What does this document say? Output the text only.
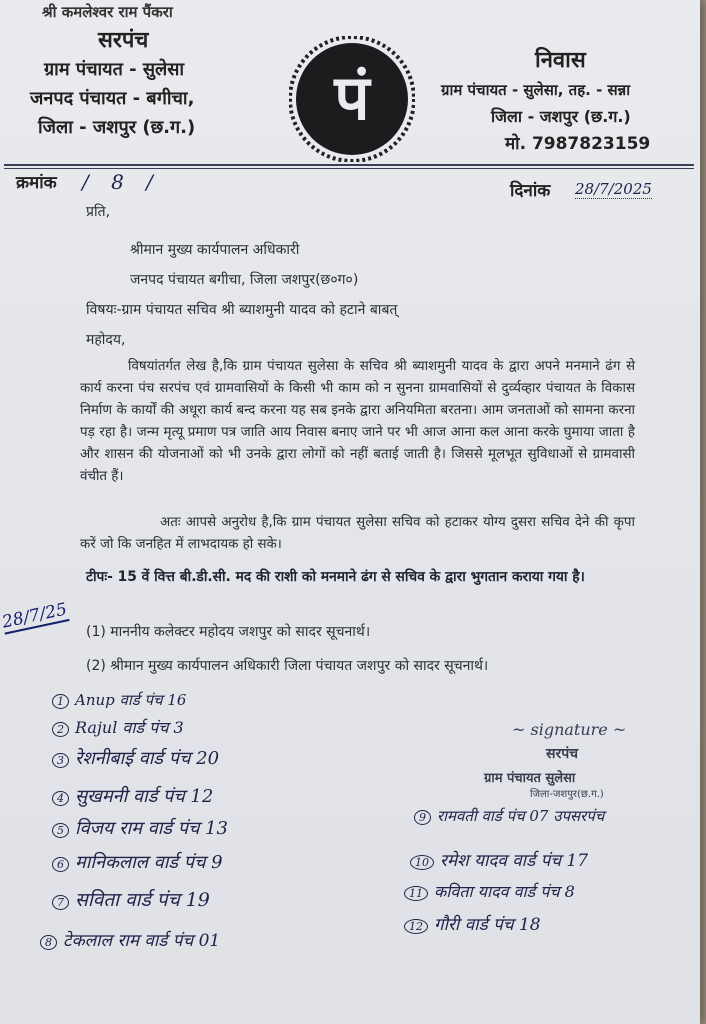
श्री कमलेश्वर राम पैंकरा
सरपंच
ग्राम पंचायत - सुलेसा
जनपद पंचायत - बगीचा,
जिला - जशपुर (छ.ग.)	पं
निवास
ग्राम पंचायत - सुलेसा, तह. - सन्ना
जिला - जशपुर (छ.ग.)
मो. 7987823159
क्रमांक / 8 /	दिनांक 28/7/2025
प्रति,
श्रीमान मुख्य कार्यपालन अधिकारी
जनपद पंचायत बगीचा, जिला जशपुर(छ०ग०)
विषयः-ग्राम पंचायत सचिव श्री ब्याशमुनी यादव को हटाने बाबत्
महोदय,
विषयांतर्गत लेख है,कि ग्राम पंचायत सुलेसा के सचिव श्री ब्याशमुनी यादव के द्वारा अपने मनमाने ढंग से कार्य करना पंच सरपंच एवं ग्रामवासियों के किसी भी काम को न सुनना ग्रामवासियों से दुर्व्यव्हार पंचायत के विकास निर्माण के कार्यों की अधूरा कार्य बन्द करना यह सब इनके द्वारा अनियमिता बरतना। आम जनताओं को सामना करना पड़ रहा है। जन्म मृत्यू प्रमाण पत्र जाति आय निवास बनाए जाने पर भी आज आना कल आना करके घुमाया जाता है और शासन की योजनाओं को भी उनके द्वारा लोगों को नहीं बताई जाती है। जिससे मूलभूत सुविधाओं से ग्रामवासी वंचीत हैं।
अतः आपसे अनुरोध है,कि ग्राम पंचायत सुलेसा सचिव को हटाकर योग्य दुसरा सचिव देने की कृपा करें जो कि जनहित में लाभदायक हो सके।
टीपः- 15 वें वित्त बी.डी.सी. मद की राशी को मनमाने ढंग से सचिव के द्वारा भुगतान कराया गया है।
28/7/25 (1) माननीय कलेक्टर महोदय जशपुर को सादर सूचनार्थ।
(2) श्रीमान मुख्य कार्यपालन अधिकारी जिला पंचायत जशपुर को सादर सूचनार्थ।
~ signature ~
सरपंच
ग्राम पंचायत सुलेसा
जिला-जशपुर(छ.ग.)
1 Anup वार्ड पंच 16
2 Rajul वार्ड पंच 3
3 रेशनीबाई वार्ड पंच 20
4 सुखमनी वार्ड पंच 12
5 विजय राम वार्ड पंच 13
6 मानिकलाल वार्ड पंच 9
7 सविता वार्ड पंच 19
8 टेकलाल राम वार्ड पंच 01
9 रामवती वार्ड पंच 07 उपसरपंच
10 रमेश यादव वार्ड पंच 17
11 कविता यादव वार्ड पंच 8
12 गौरी वार्ड पंच 18
